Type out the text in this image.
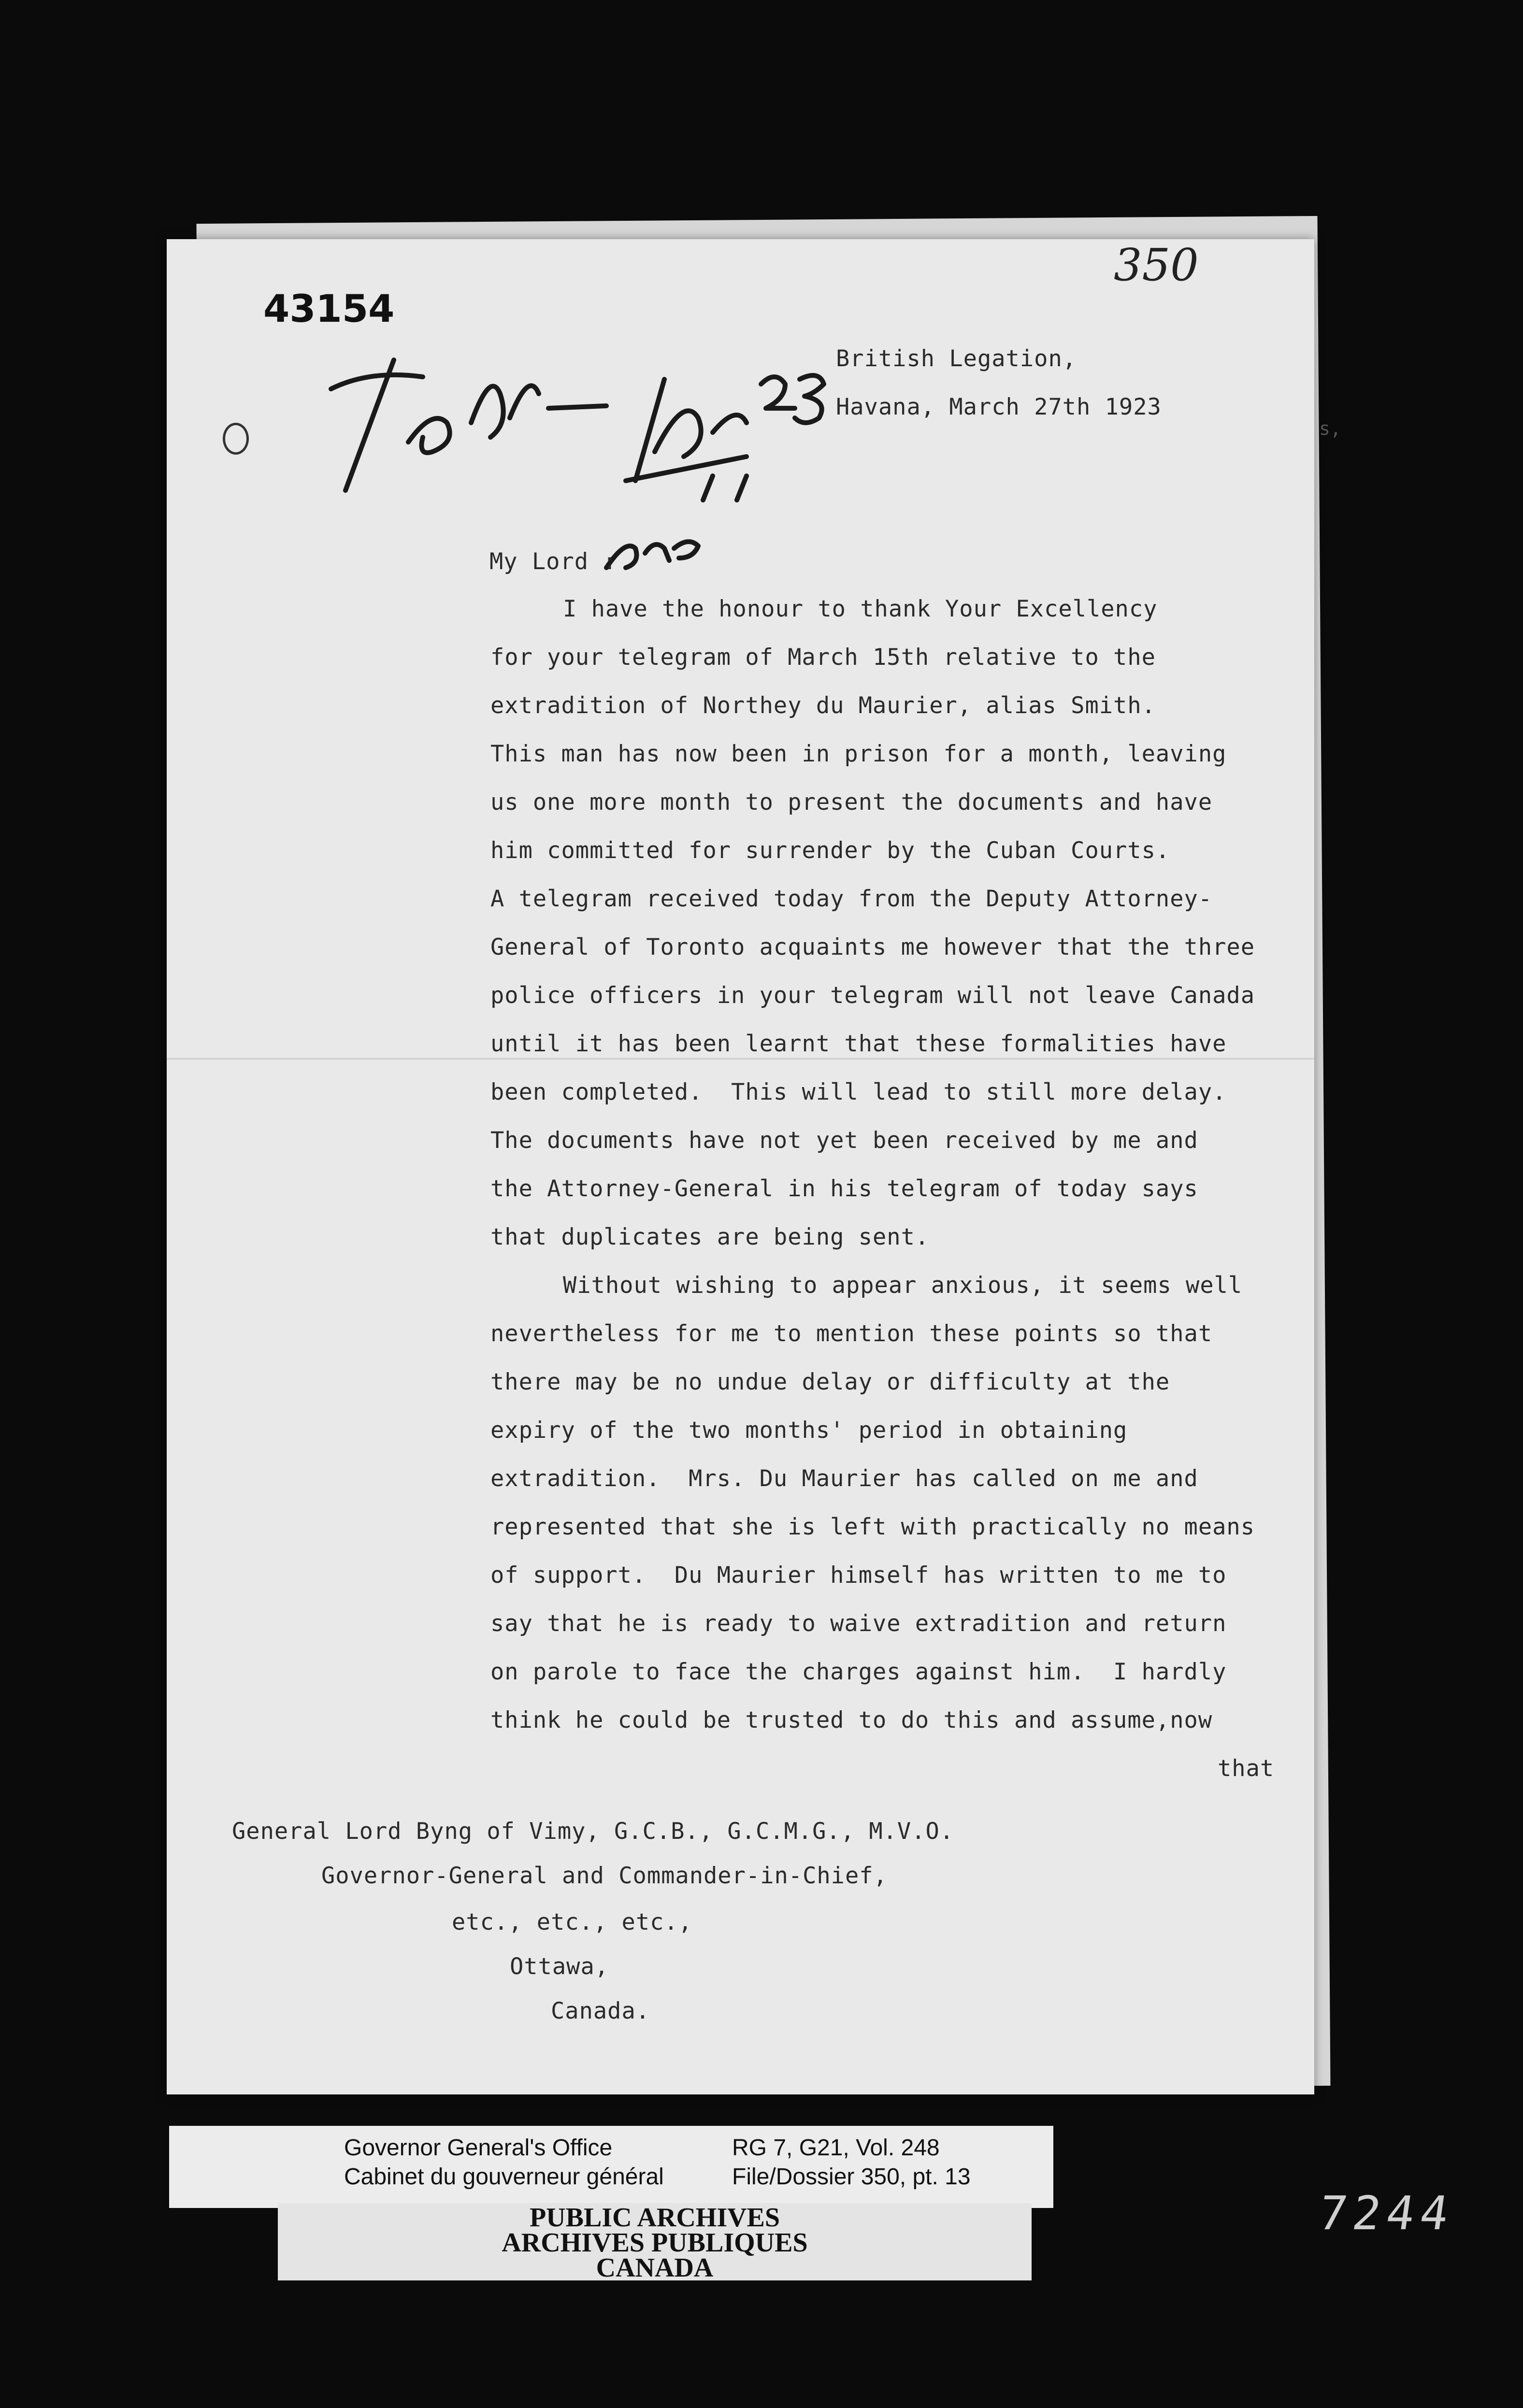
43154
350
s,
British Legation,
Havana, March 27th 1923
My Lord :
I have the honour to thank Your Excellency
for your telegram of March 15th relative to the
extradition of Northey du Maurier, alias Smith.
This man has now been in prison for a month, leaving
us one more month to present the documents and have
him committed for surrender by the Cuban Courts.
A telegram received today from the Deputy Attorney-
General of Toronto acquaints me however that the three
police officers in your telegram will not leave Canada
until it has been learnt that these formalities have
been completed.  This will lead to still more delay.
The documents have not yet been received by me and
the Attorney-General in his telegram of today says
that duplicates are being sent.
Without wishing to appear anxious, it seems well
nevertheless for me to mention these points so that
there may be no undue delay or difficulty at the
expiry of the two months' period in obtaining
extradition.  Mrs. Du Maurier has called on me and
represented that she is left with practically no means
of support.  Du Maurier himself has written to me to
say that he is ready to waive extradition and return
on parole to face the charges against him.  I hardly
think he could be trusted to do this and assume,now
that
General Lord Byng of Vimy, G.C.B., G.C.M.G., M.V.O.
Governor-General and Commander-in-Chief,
etc., etc., etc.,
Ottawa,
Canada.
Governor General's Office
Cabinet du gouverneur général
RG 7, G21, Vol. 248
File/Dossier 350, pt. 13
PUBLIC ARCHIVES
ARCHIVES PUBLIQUES
CANADA
7244
